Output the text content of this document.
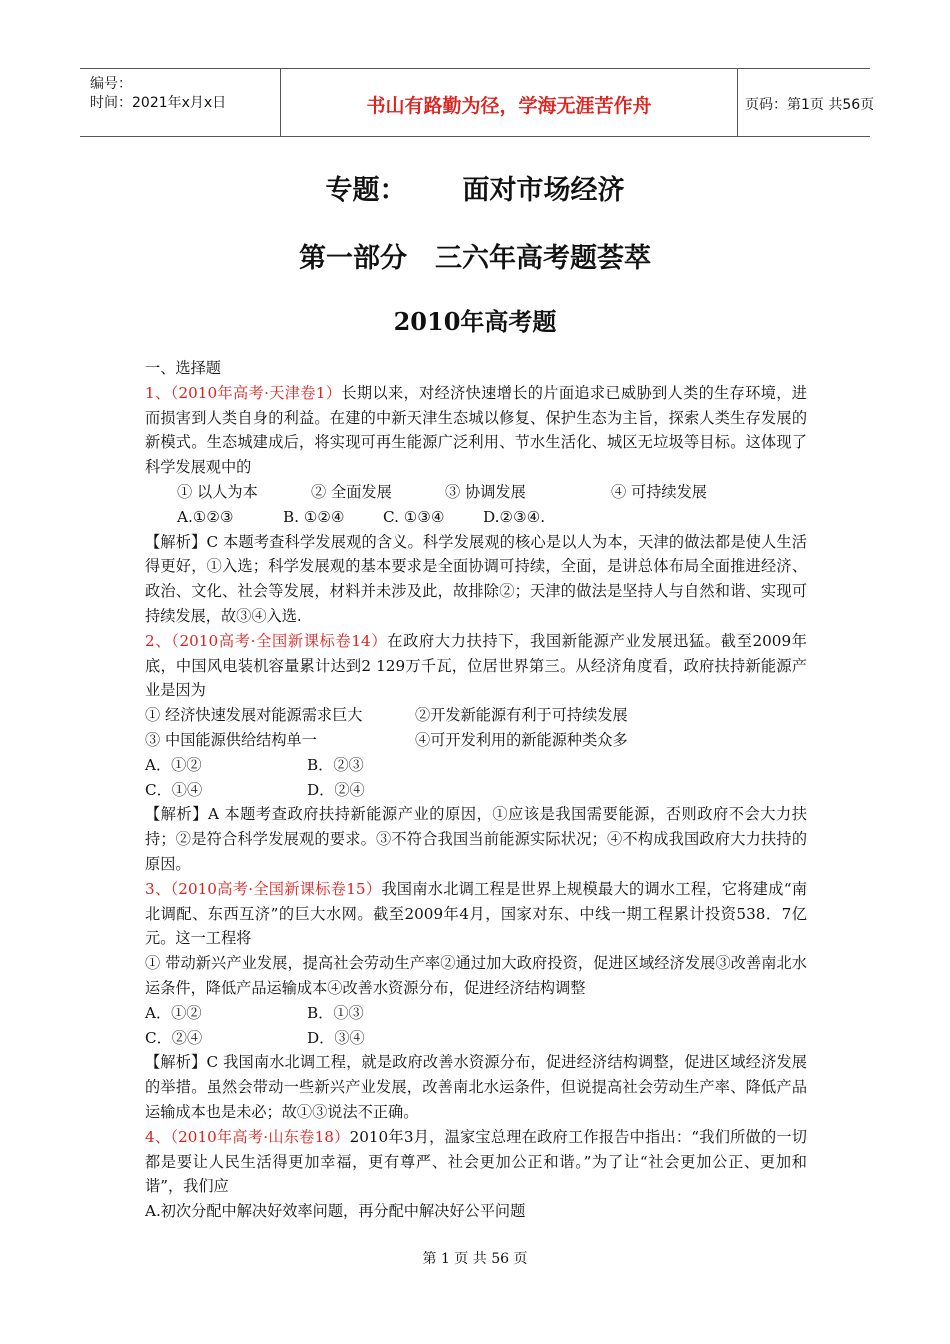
编号：
时间：2021年x月x日	书山有路勤为径，学海无涯苦作舟	页码：第1页 共56页
专题： 面对市场经济
第一部分 三六年高考题荟萃
2010年高考题

一、选择题

1、（2010年高考·天津卷1）长期以来，对经济快速增长的片面追求已威胁到人类的生存环境，进而损害到人类自身的利益。在建的中新天津生态城以修复、保护生态为主旨，探索人类生存发展的新模式。生态城建成后，将实现可再生能源广泛利用、节水生活化、城区无垃圾等目标。这体现了科学发展观中的

① 以人为本	② 全面发展	③ 协调发展	④ 可持续发展

A.①②③	B. ①②④	C. ①③④	D.②③④.

【解析】C 本题考查科学发展观的含义。科学发展观的核心是以人为本，天津的做法都是使人生活得更好，①入选；科学发展观的基本要求是全面协调可持续，全面，是讲总体布局全面推进经济、政治、文化、社会等发展，材料并未涉及此，故排除②；天津的做法是坚持人与自然和谐、实现可持续发展，故③④入选.

2、（2010高考·全国新课标卷14）在政府大力扶持下，我国新能源产业发展迅猛。截至2009年底，中国风电装机容量累计达到2 129万千瓦，位居世界第三。从经济角度看，政府扶持新能源产业是因为

① 经济快速发展对能源需求巨大	②开发新能源有利于可持续发展

③ 中国能源供给结构单一	④可开发利用的新能源种类众多

A．①②	B．②③

C．①④	D．②④

【解析】A 本题考查政府扶持新能源产业的原因，①应该是我国需要能源，否则政府不会大力扶持；②是符合科学发展观的要求。③不符合我国当前能源实际状况；④不构成我国政府大力扶持的原因。

3、（2010高考·全国新课标卷15）我国南水北调工程是世界上规模最大的调水工程，它将建成“南北调配、东西互济”的巨大水网。截至2009年4月，国家对东、中线一期工程累计投资538．7亿元。这一工程将

① 带动新兴产业发展，提高社会劳动生产率②通过加大政府投资，促进区域经济发展③改善南北水运条件，降低产品运输成本④改善水资源分布，促进经济结构调整

A．①②	B．①③

C．②④	D．③④

【解析】C 我国南水北调工程，就是政府改善水资源分布，促进经济结构调整，促进区域经济发展的举措。虽然会带动一些新兴产业发展，改善南北水运条件，但说提高社会劳动生产率、降低产品运输成本也是未必；故①③说法不正确。

4、（2010年高考·山东卷18）2010年3月，温家宝总理在政府工作报告中指出：“我们所做的一切都是要让人民生活得更加幸福，更有尊严、社会更加公正和谐。”为了让“社会更加公正、更加和谐”，我们应

A.初次分配中解决好效率问题，再分配中解决好公平问题

第 1 页 共 56 页
